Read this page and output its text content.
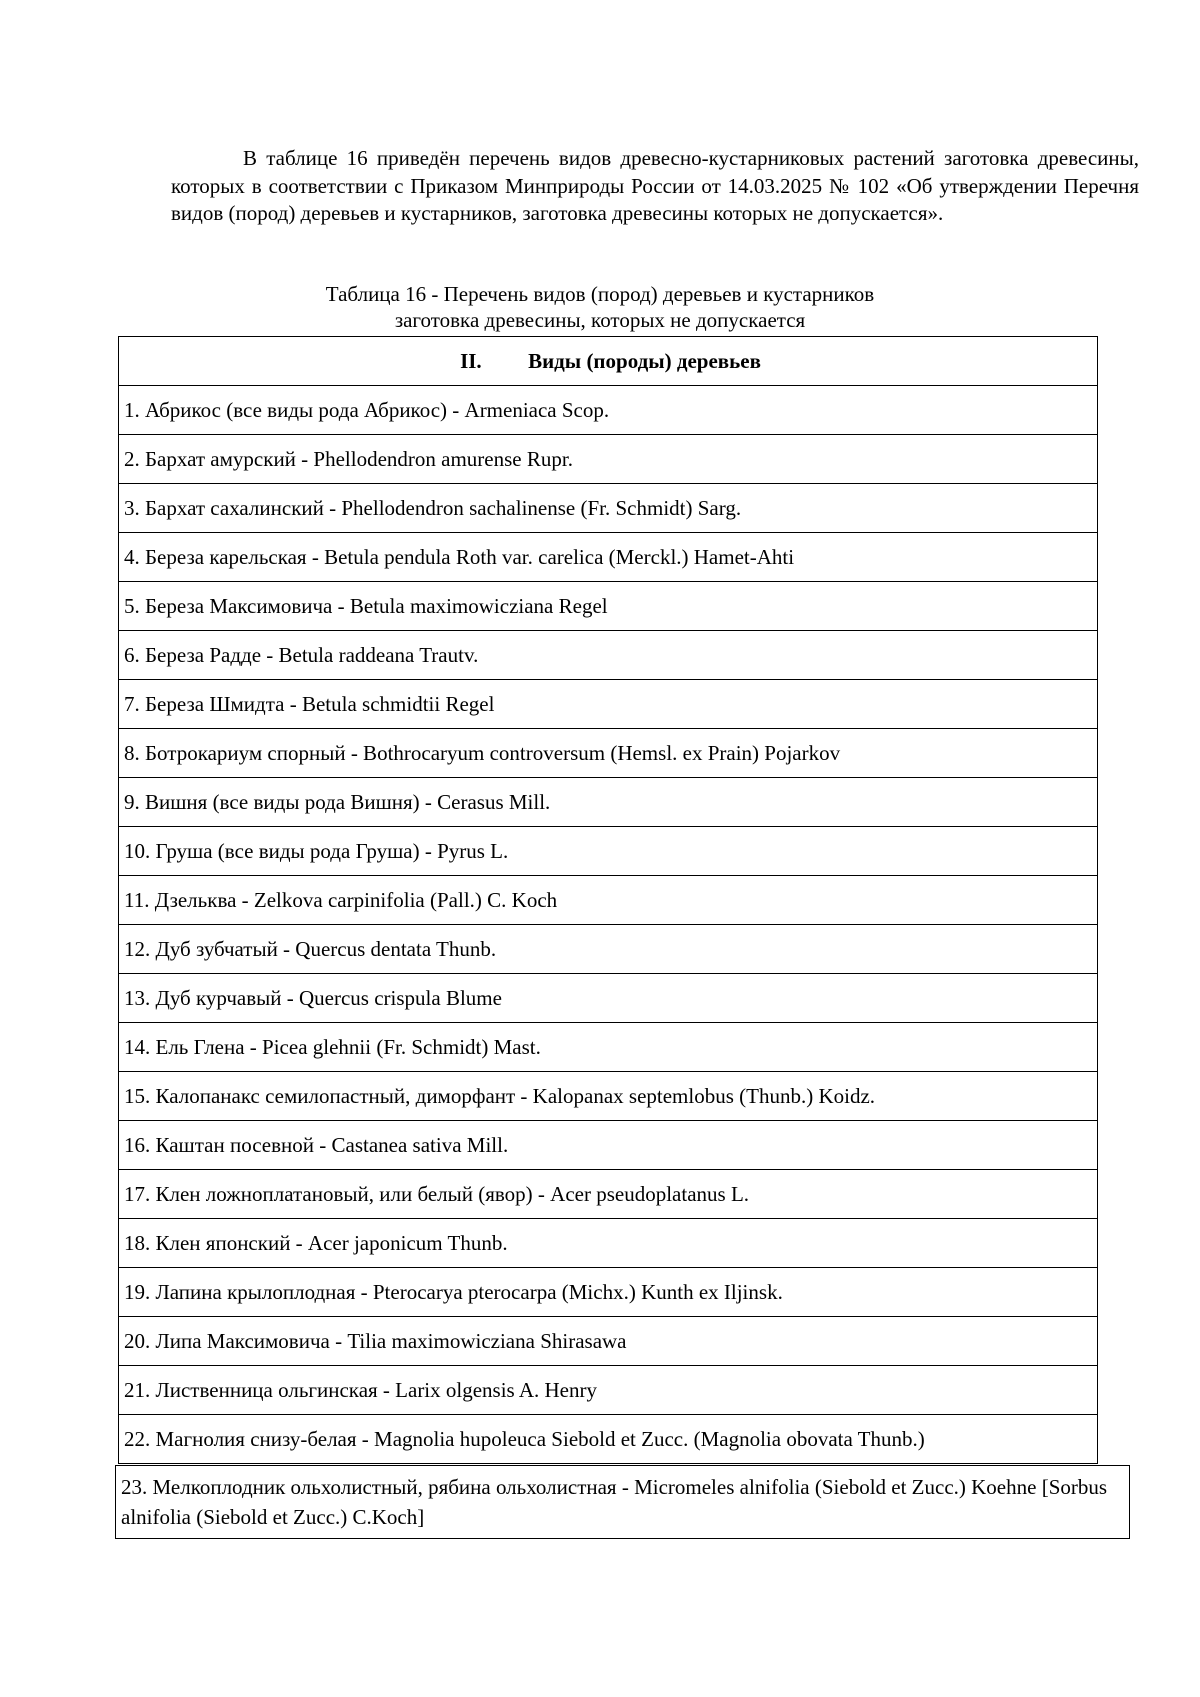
В таблице 16 приведён перечень видов древесно-кустарниковых растений заготовка древесины, которых в соответствии с Приказом Минприроды России от 14.03.2025 № 102 «Об утверждении Перечня видов (пород) деревьев и кустарников, заготовка древесины которых не допускается».

Таблица 16 - Перечень видов (пород) деревьев и кустарников
заготовка древесины, которых не допускается
II. Виды (породы) деревьев
1. Абрикос (все виды рода Абрикос) - Armeniaca Scop.
2. Бархат амурский - Phellodendron amurense Rupr.
3. Бархат сахалинский - Phellodendron sachalinense (Fr. Schmidt) Sarg.
4. Береза карельская - Betula pendula Roth var. carelica (Merckl.) Hamet-Ahti
5. Береза Максимовича - Betula maximowicziana Regel
6. Береза Радде - Betula raddeana Trautv.
7. Береза Шмидта - Betula schmidtii Regel
8. Ботрокариум спорный - Bothrocaryum controversum (Hemsl. ex Prain) Pojarkov
9. Вишня (все виды рода Вишня) - Cerasus Mill.
10. Груша (все виды рода Груша) - Pyrus L.
11. Дзельква - Zelkova carpinifolia (Pall.) C. Koch
12. Дуб зубчатый - Quercus dentata Thunb.
13. Дуб курчавый - Quercus crispula Blume
14. Ель Глена - Picea glehnii (Fr. Schmidt) Mast.
15. Калопанакс семилопастный, диморфант - Kalopanax septemlobus (Thunb.) Koidz.
16. Каштан посевной - Castanea sativa Mill.
17. Клен ложноплатановый, или белый (явор) - Acer pseudoplatanus L.
18. Клен японский - Acer japonicum Thunb.
19. Лапина крылоплодная - Pterocarya pterocarpa (Michx.) Kunth ex Iljinsk.
20. Липа Максимовича - Tilia maximowicziana Shirasawa
21. Лиственница ольгинская - Larix olgensis A. Henry
22. Магнолия снизу-белая - Magnolia hupoleuca Siebold et Zucc. (Magnolia obovata Thunb.)
23. Мелкоплодник ольхолистный, рябина ольхолистная - Micromeles alnifolia (Siebold et Zucc.) Koehne [Sorbus alnifolia (Siebold et Zucc.) C.Koch]
